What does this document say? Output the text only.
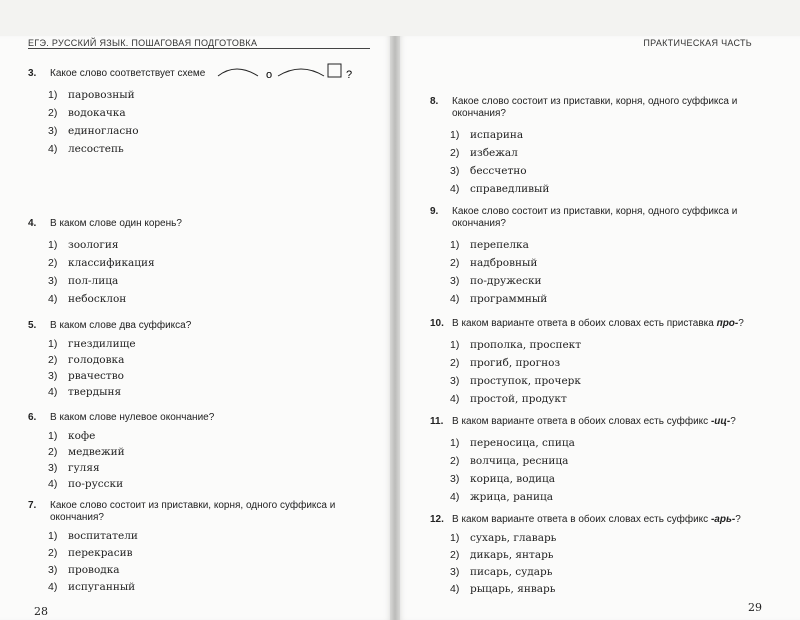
ЕГЭ. РУССКИЙ ЯЗЫК. ПОШАГОВАЯ ПОДГОТОВКА	ПРАКТИЧЕСКАЯ ЧАСТЬ
3.	Какое слово соответствует схеме
1)	паровозный
2)	водокачка
3)	единогласно
4)	лесостепь
о	?
4.	В каком слове один корень?
1)	зоология
2)	классификация
3)	пол-лица
4)	небосклон
5.	В каком слове два суффикса?
1)	гнездилище
2)	голодовка
3)	рвачество
4)	твердыня
6.	В каком слове нулевое окончание?
1)	кофе
2)	медвежий
3)	гуляя
4)	по-русски
7.	Какое слово состоит из приставки, корня, одного суффикса и окончания?
1)	воспитатели
2)	перекрасив
3)	проводка
4)	испуганный
28
8.	Какое слово состоит из приставки, корня, одного суффикса и окончания?
1)	испарина
2)	избежал
3)	бессчетно
4)	справедливый
9.	Какое слово состоит из приставки, корня, одного суффикса и окончания?
1)	перепелка
2)	надбровный
3)	по-дружески
4)	программный
10. В каком варианте ответа в обоих словах есть приставка про-?
1)	прополка, проспект
2)	прогиб, прогноз
3)	проступок, прочерк
4)	простой, продукт
11. В каком варианте ответа в обоих словах есть суффикс -иц-?
1)	переносица, спица
2)	волчица, ресница
3)	корица, водица
4)	жрица, раница
12. В каком варианте ответа в обоих словах есть суффикс -арь-?
1)	сухарь, главарь
2)	дикарь, янтарь
3)	писарь, сударь
4)	рыцарь, январь
29
